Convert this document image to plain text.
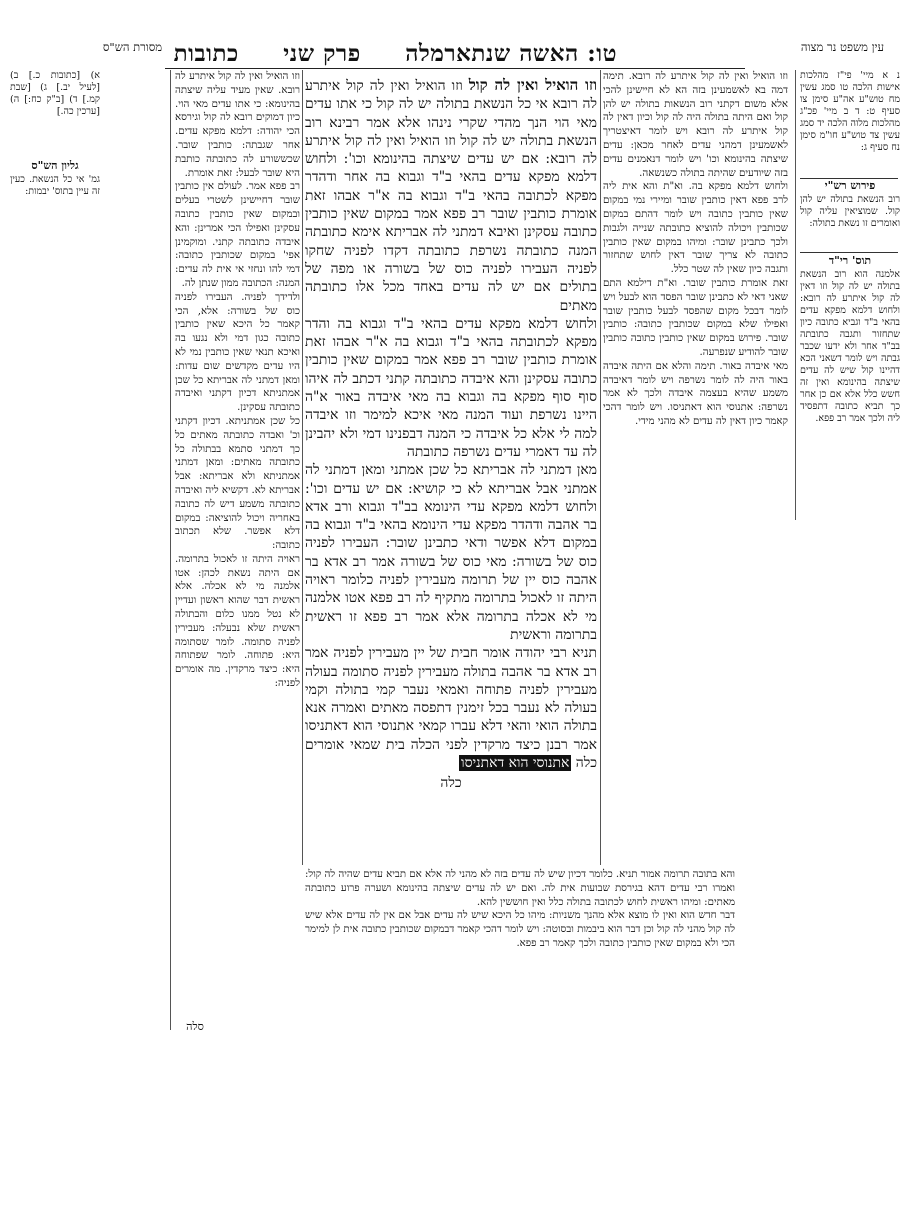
עין משפט נר מצוה
טו: האשה שנתארמלה פרק שני כתובות
מסורת הש"ס

וזו הואיל ואין לה קול וזו הואיל ואין לה קול איתרע לה רובא אי כל הנשאת בתולה יש לה קול כי אתו עדים מאי הוי הנך מהדי שקרי נינהו אלא אמר רבינא רוב הנשאת בתולה יש לה קול וזו הואיל ואין לה קול איתרע לה רובא: אם יש עדים שיצתה בהינומא וכו': ולחוש דלמא מפקא עדים בהאי ב"ד וגבוא בה אחר ודהדר מפקא לכתובה בהאי ב"ד וגבוא בה א"ר אבהו זאת אומרת כותבין שובר רב פפא אמר במקום שאין כותבין כתובה עסקינן ואיבא דמתני לה אבריתא אימא כתובתה המנה כתובתה נשרפת כתובתה דקדו לפניה שחקו לפניה העבירו לפניה כוס של בשורה או מפה של בתולים אם יש לה עדים באחד מכל אלו כתובתה מאתים

ולחוש דלמא מפקא עדים בהאי ב"ד וגבוא בה והדר מפקא לכתובתה בהאי ב"ד וגבוא בה א"ר אבהו זאת אומרת כותבין שובר רב פפא אמר במקום שאין כותבין כתובה עסקינן והא איבדה כתובתה קתני דכתב לה איהו סוף סוף מפקא בה וגבוא בה מאי איבדה באור א"ה היינו נשרפת ועוד המנה מאי איכא למימר וזו איבדה למה לי אלא כל איבדה כי המנה דבפנינו דמי ולא יהבינן לה עד דאמרי עדים נשרפה כתובתה

מאן דמתני לה אבריתא כל שכן אמתני ומאן דמתני לה אמתני אבל אבריתא לא כי קושיא: אם יש עדים וכו': ולחוש דלמא מפקא עדי הינומא בב"ד וגבוא ורב אדא בר אהבה ודהדר מפקא עדי הינומא בהאי ב"ד וגבוא בה במקום דלא אפשר ודאי כתבינן שובר: העבירו לפניה כוס של בשורה: מאי כוס של בשורה אמר רב אדא בר אהבה כוס יין של תרומה מעבירין לפניה כלומר ראויה היתה זו לאכול בתרומה מתקיף לה רב פפא אטו אלמנה מי לא אכלה בתרומה אלא אמר רב פפא זו ראשית בתרומה וראשית

תניא רבי יהודה אומר חבית של יין מעבירין לפניה אמר רב אדא בר אהבה בתולה מעבירין לפניה סתומה בעולה מעבירין לפניה פתוחה ואמאי נעבר קמי בתולה וקמי בעולה לא נעבר בכל זימנין דתפסה מאתים ואמרה אנא בתולה הואי והאי דלא עברו קמאי אתנוסי הוא דאתניסו אמר רבנן כיצד מרקדין לפני הכלה בית שמאי אומרים כלה אתנוסי הוא דאתניסו

כלה

וזו הואיל ואין לה קול איתרע לה רובא. שאין מעיד עליה שיצתה בהינומא: כי אתו עדים מאי הוי. כיון דמוקים רובא לה קול וגירסא הכי יהודה: דלמא מפקא עדים. אחר שגבתה: כותבין שובר. שכששורע לה כתובתה כותבת היא שובר לבעל: זאת אומרת.

רב פפא אמר. לעולם אין כותבין שובר דחיישינן לשטרי בעלים ובמקום שאין כותבין כתובה עסקינן ואפילו הכי אמרינן: והא איבדה כתובתה קתני. ומוקמינן אפי' במקום שכותבין כתובה: דמי להו ונחזי אי אית לה עדים: המנה: הכתובה ממון שנתן לה.

ולדידך לפניה. העבירו לפניה כוס של בשורה: אלא, הכי קאמר כל היכא שאין כותבין כתובה כגון דמי ולא נגעו בה ואיכא תנאי שאין כותבין נמי לא היו עדים מקדשים שום עדות: ומאן דמתני לה אבריתא כל שכן אמתניתא דכיון דקתני ואיבדה כתובתה עסקינן.

כל שכן אמתניתא. דכיון דקתני וכ' ואבדה כתובתה מאתים כל כך דמתני סתמא בבתולה כל כתובתה מאתים: ומאן דמתני אמתניתא ולא אבריתא: אבל אבריתא לא. דקשיא ליה ואיבדה כתובתה משמע דיש לה כתובה באחריה ויכול להוציאה: במקום דלא אפשר. שלא תכתוב כתובה:

ראויה היתה זו לאכול בתרומה. אם היתה נשאת לכהן: אטו אלמנה מי לא אכלה. אלא ראשית דבר שהוא ראשון ועדיין לא נטל ממנו כלום והבתולה ראשית שלא נבעלה: מעבירין לפניה סתומה. לומר שסתומה היא: פתוחה. לומר שפתוחה היא: כיצד מרקדין. מה אומרים לפניה:

וזו הואיל ואין לה קול איתרע לה רובא. תימה דמה בא לאשמעינן בזה הא לא חיישינן להכי אלא משום דקתני רוב הנשאות בתולה יש להן קול ואם היתה בתולה היה לה קול וכיון דאין לה קול איתרע לה רובא ויש לומר דאיצטריך לאשמעינן דמהני עדים לאחר מכאן: עדים שיצתה בהינומא וכו' ויש לומר דנאמנים עדים בזה שיודעים שהיתה בתולה כשנשאה.

ולחוש דלמא מפקא בה. וא"ת והא אית ליה לרב פפא דאין כותבין שובר ומיירי נמי במקום שאין כותבין כתובה ויש לומר דהתם במקום שכותבין ויכולה להוציא כתובתה שנייה ולגבות ולכך כתבינן שובר: ומיהו במקום שאין כותבין כתובה לא צריך שובר דאין לחוש שתחזור ותגבה כיון שאין לה שטר כלל.

זאת אומרת כותבין שובר. וא"ת דילמא התם שאני דאי לא כתבינן שובר הפסד הוא לבעל ויש לומר דבכל מקום שהפסד לבעל כותבין שובר ואפילו שלא במקום שכותבין כתובה: כותבין שובר. פירוש במקום שאין כותבין כתובה כותבין שובר להודיע שנפרעה.

מאי איבדה באור. תימה והלא אם היתה איבדה באור היה לה לומר נשרפה ויש לומר דאיבדה משמע שהיא בעצמה איבדה ולכך לא אמר נשרפה: אתנוסי הוא דאתניסו. ויש לומר דהכי קאמר כיון דאין לה עדים לא מהני מידי.

והא בתובה תרומה אמור תניא. כלומר דכיון שיש לה עדים בזה לא מהני לה אלא אם תביא עדים שהיה לה קול: ואמרו רבי עדים דהא בגירסת שבועות אית לה. ואם יש לה עדים שיצתה בהינומא ושערה פרוע כתובתה מאתים: ומיהו ראשית לחוש לכתובה בתולה כלל ואין חוששין להא.

דבר חדש הוא ואין לו מוצא אלא מהנך משניות: מיהו כל היכא שיש לה עדים אבל אם אין לה עדים אלא שיש לה קול מהני לה קול וכן דבר הוא ביבמות ובסוטה: ויש לומר דהכי קאמר דבמקום שכותבין כתובה אית לן למימר הכי ולא במקום שאין כותבין כתובה ולכך קאמר רב פפא.

נ א מיי' פי"ז מהלכות אישות הלכה טו סמג עשין מח טוש"ע אה"ע סימן צו סעיף ט: ד ב מיי' פכ"ג מהלכות מלוה הלכה יד סמג עשין צד טוש"ע חו"מ סימן נח סעיף ג:
פירוש רש"י
רוב הנשאת בתולה יש להן קול. שמוציאין עליה קול ואומרים זו נשאת בתולה:
תוס' רי"ד
אלמנה הוא רוב הנשאת בתולה יש לה קול וזו דאין לה קול איתרע לה רובא: ולחוש דלמא מפקא עדים בהאי ב"ד וגביא כתובה כיון שתחזור ותגבה כתובתה בב"ד אחר ולא ידעו שכבר גבתה ויש לומר דשאני הכא דהיינו קול שיש לה עדים שיצתה בהינומא ואין זה חשש כלל אלא אם כן אחר כך תביא כתובה דתפסיד ליה ולכך אמר רב פפא.
א) [כתובות כ.] ב) [לעיל יב.] ג) [שבת קמ.] ד) [ב"ק כח:] ה) [ערכין כה.]
גליון הש"ס
גמ' אי כל הנשאת. כעין זה עיין בתוס' יבמות:
סלה
